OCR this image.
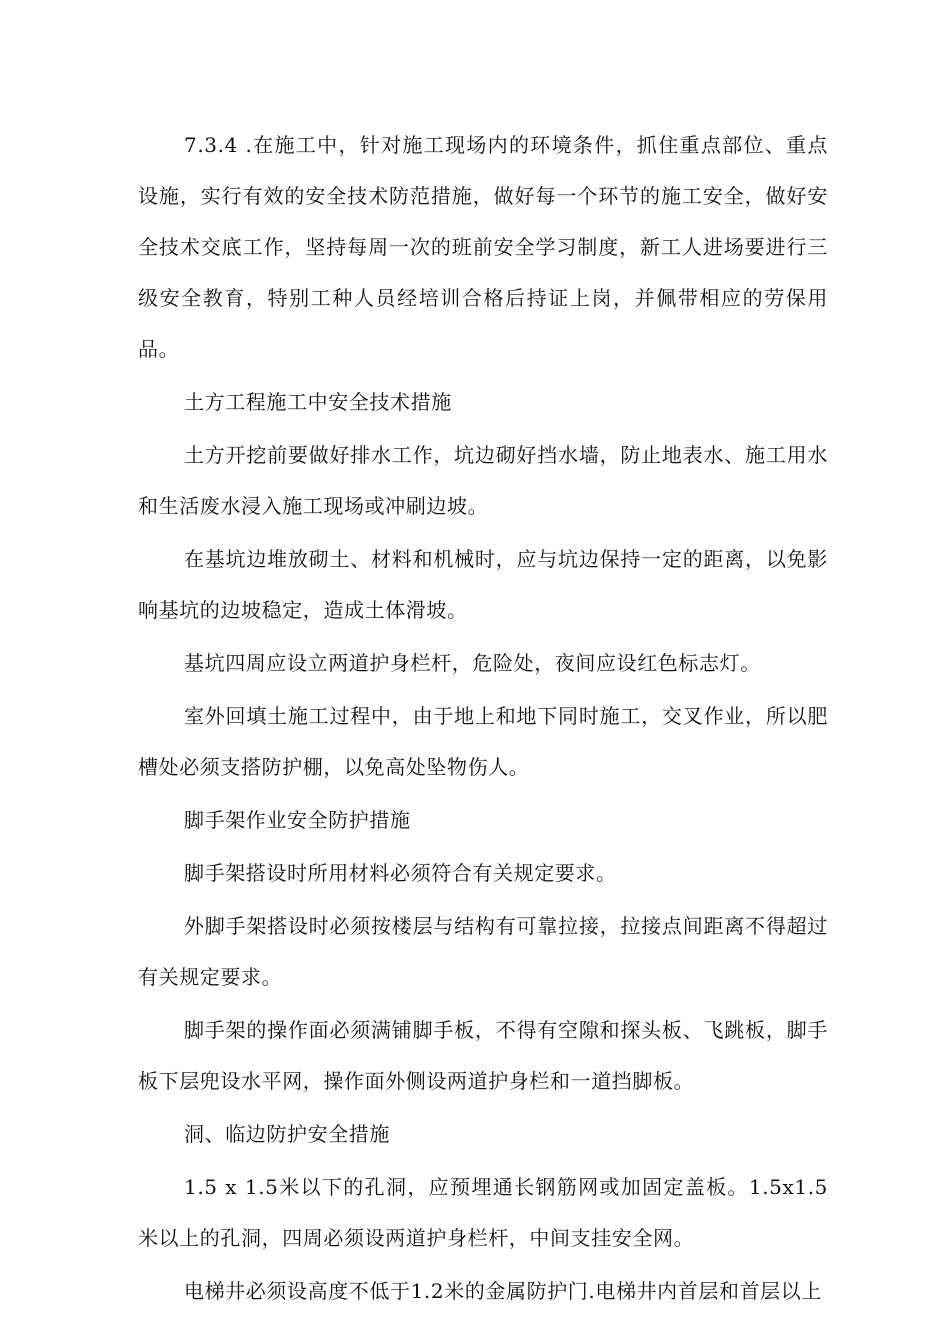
7.3.4 .在施工中，针对施工现场内的环境条件，抓住重点部位、重点设施，实行有效的安全技术防范措施，做好每一个环节的施工安全，做好安全技术交底工作，坚持每周一次的班前安全学习制度，新工人进场要进行三级安全教育，特别工种人员经培训合格后持证上岗，并佩带相应的劳保用品。

土方工程施工中安全技术措施

土方开挖前要做好排水工作，坑边砌好挡水墙，防止地表水、施工用水和生活废水浸入施工现场或冲刷边坡。

在基坑边堆放砌土、材料和机械时，应与坑边保持一定的距离，以免影响基坑的边坡稳定，造成土体滑坡。

基坑四周应设立两道护身栏杆，危险处，夜间应设红色标志灯。

室外回填土施工过程中，由于地上和地下同时施工，交叉作业，所以肥槽处必须支搭防护棚，以免高处坠物伤人。

脚手架作业安全防护措施

脚手架搭设时所用材料必须符合有关规定要求。

外脚手架搭设时必须按楼层与结构有可靠拉接，拉接点间距离不得超过有关规定要求。

脚手架的操作面必须满铺脚手板，不得有空隙和探头板、飞跳板，脚手板下层兜设水平网，操作面外侧设两道护身栏和一道挡脚板。

洞、临边防护安全措施

1.5 x 1.5米以下的孔洞，应预埋通长钢筋网或加固定盖板。1.5x1.5米以上的孔洞，四周必须设两道护身栏杆，中间支挂安全网。

电梯井必须设高度不低于1.2米的金属防护门.电梯井内首层和首层以上
